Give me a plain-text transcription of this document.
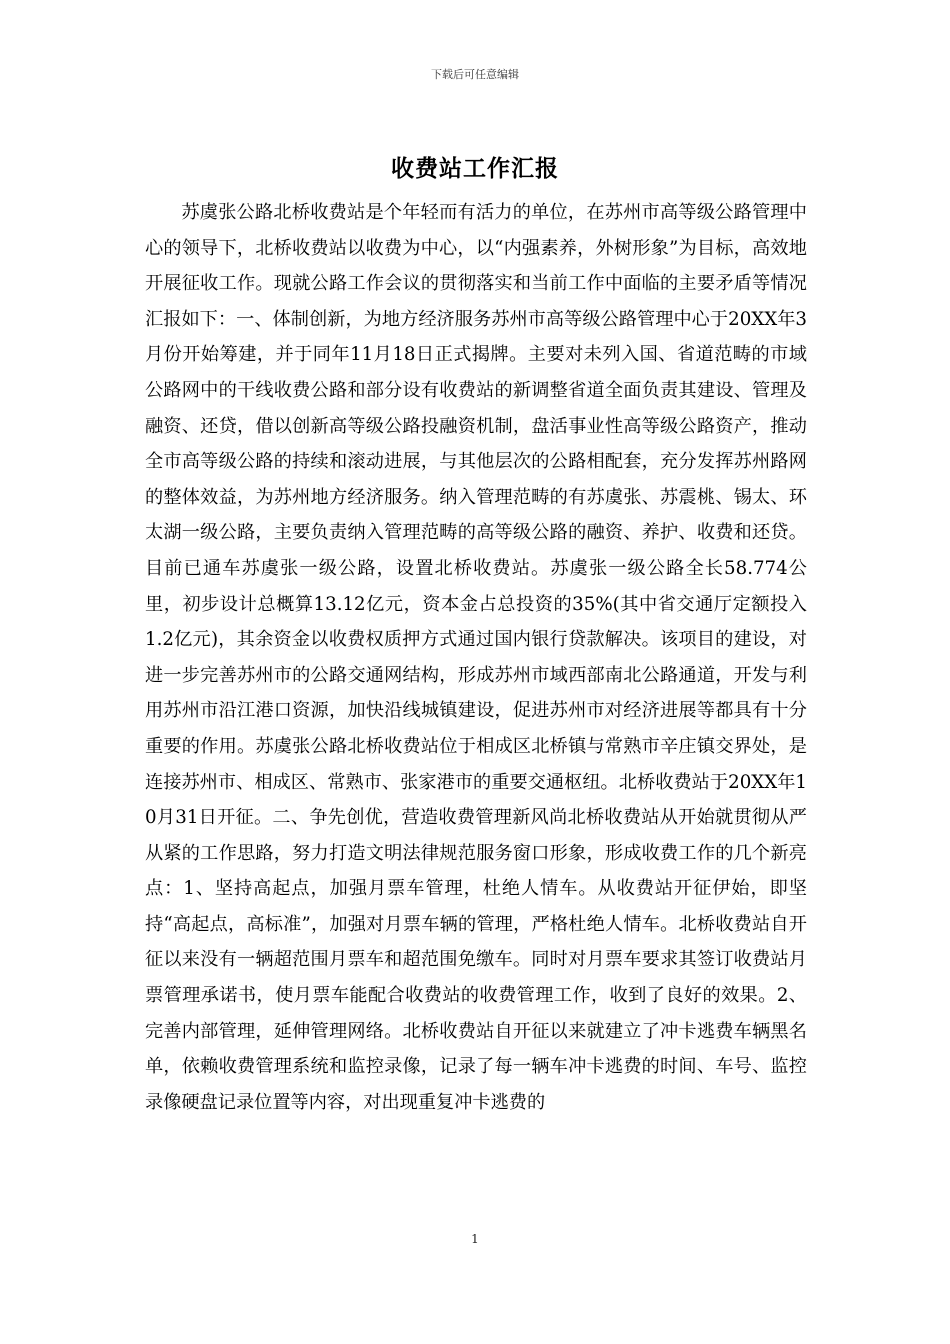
下载后可任意编辑
收费站工作汇报

苏虞张公路北桥收费站是个年轻而有活力的单位，在苏州市高等级公路管理中心的领导下，北桥收费站以收费为中心，以“内强素养，外树形象”为目标，高效地开展征收工作。现就公路工作会议的贯彻落实和当前工作中面临的主要矛盾等情况汇报如下：一、体制创新，为地方经济服务苏州市高等级公路管理中心于20XX年3月份开始筹建，并于同年11月18日正式揭牌。主要对未列入国、省道范畴的市域公路网中的干线收费公路和部分设有收费站的新调整省道全面负责其建设、管理及融资、还贷，借以创新高等级公路投融资机制，盘活事业性高等级公路资产，推动全市高等级公路的持续和滚动进展，与其他层次的公路相配套，充分发挥苏州路网的整体效益，为苏州地方经济服务。纳入管理范畴的有苏虞张、苏震桃、锡太、环太湖一级公路，主要负责纳入管理范畴的高等级公路的融资、养护、收费和还贷。目前已通车苏虞张一级公路，设置北桥收费站。苏虞张一级公路全长58.774公里，初步设计总概算13.12亿元，资本金占总投资的35%(其中省交通厅定额投入1.2亿元)，其余资金以收费权质押方式通过国内银行贷款解决。该项目的建设，对进一步完善苏州市的公路交通网结构，形成苏州市域西部南北公路通道，开发与利用苏州市沿江港口资源，加快沿线城镇建设，促进苏州市对经济进展等都具有十分重要的作用。苏虞张公路北桥收费站位于相成区北桥镇与常熟市辛庄镇交界处，是连接苏州市、相成区、常熟市、张家港市的重要交通枢纽。北桥收费站于20XX年10月31日开征。二、争先创优，营造收费管理新风尚北桥收费站从开始就贯彻从严从紧的工作思路，努力打造文明法律规范服务窗口形象，形成收费工作的几个新亮点：1、坚持高起点，加强月票车管理，杜绝人情车。从收费站开征伊始，即坚持“高起点，高标准”，加强对月票车辆的管理，严格杜绝人情车。北桥收费站自开征以来没有一辆超范围月票车和超范围免缴车。同时对月票车要求其签订收费站月票管理承诺书，使月票车能配合收费站的收费管理工作，收到了良好的效果。2、完善内部管理，延伸管理网络。北桥收费站自开征以来就建立了冲卡逃费车辆黑名单，依赖收费管理系统和监控录像，记录了每一辆车冲卡逃费的时间、车号、监控录像硬盘记录位置等内容，对出现重复冲卡逃费的

1
